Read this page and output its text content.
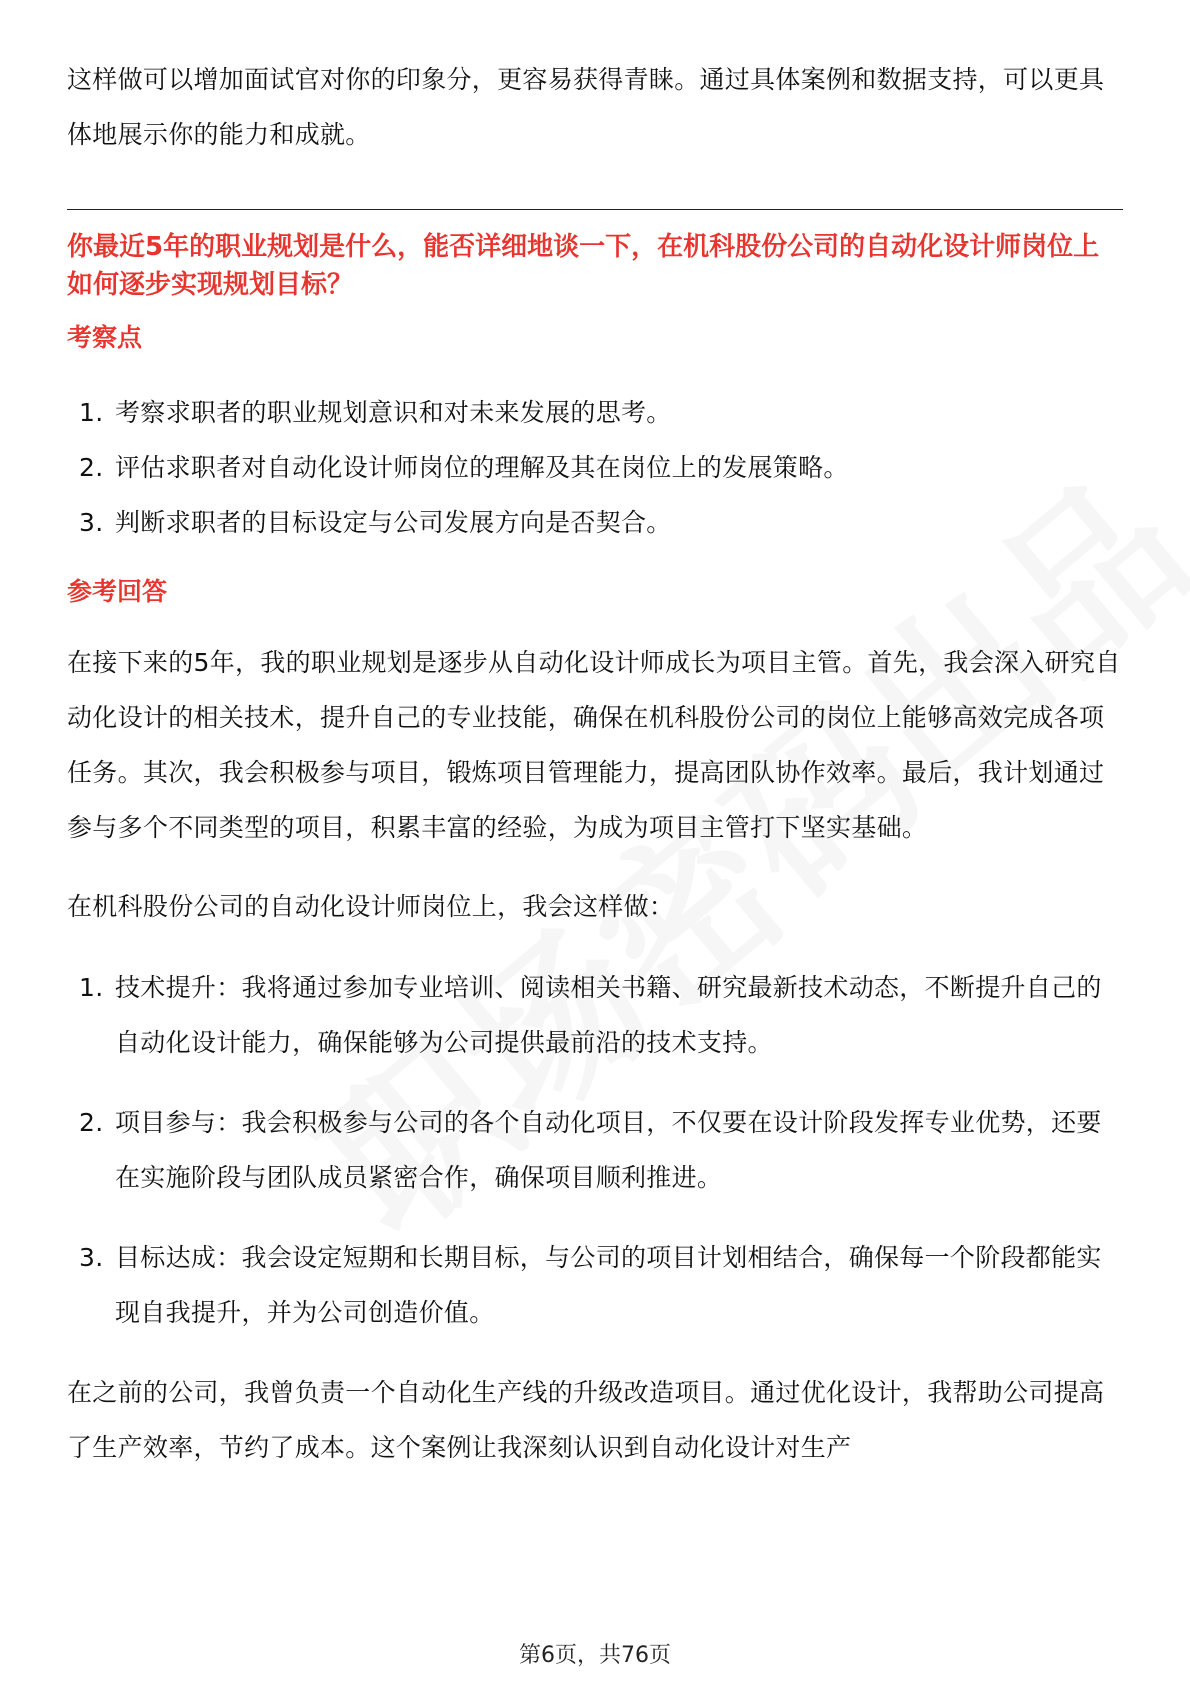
这样做可以增加面试官对你的印象分，更容易获得青睐。通过具体案例和数据支持，可以更具体地展示你的能力和成就。

你最近5年的职业规划是什么，能否详细地谈一下，在机科股份公司的自动化设计师岗位上如何逐步实现规划目标？
考察点
1. 考察求职者的职业规划意识和对未来发展的思考。
2. 评估求职者对自动化设计师岗位的理解及其在岗位上的发展策略。
3. 判断求职者的目标设定与公司发展方向是否契合。
参考回答

在接下来的5年，我的职业规划是逐步从自动化设计师成长为项目主管。首先，我会深入研究自动化设计的相关技术，提升自己的专业技能，确保在机科股份公司的岗位上能够高效完成各项任务。其次，我会积极参与项目，锻炼项目管理能力，提高团队协作效率。最后，我计划通过参与多个不同类型的项目，积累丰富的经验，为成为项目主管打下坚实基础。

在机科股份公司的自动化设计师岗位上，我会这样做：

1. 技术提升：我将通过参加专业培训、阅读相关书籍、研究最新技术动态，不断提升自己的自动化设计能力，确保能够为公司提供最前沿的技术支持。
2. 项目参与：我会积极参与公司的各个自动化项目，不仅要在设计阶段发挥专业优势，还要在实施阶段与团队成员紧密合作，确保项目顺利推进。
3. 目标达成：我会设定短期和长期目标，与公司的项目计划相结合，确保每一个阶段都能实现自我提升，并为公司创造价值。

在之前的公司，我曾负责一个自动化生产线的升级改造项目。通过优化设计，我帮助公司提高了生产效率，节约了成本。这个案例让我深刻认识到自动化设计对生产

第6页，共76页
